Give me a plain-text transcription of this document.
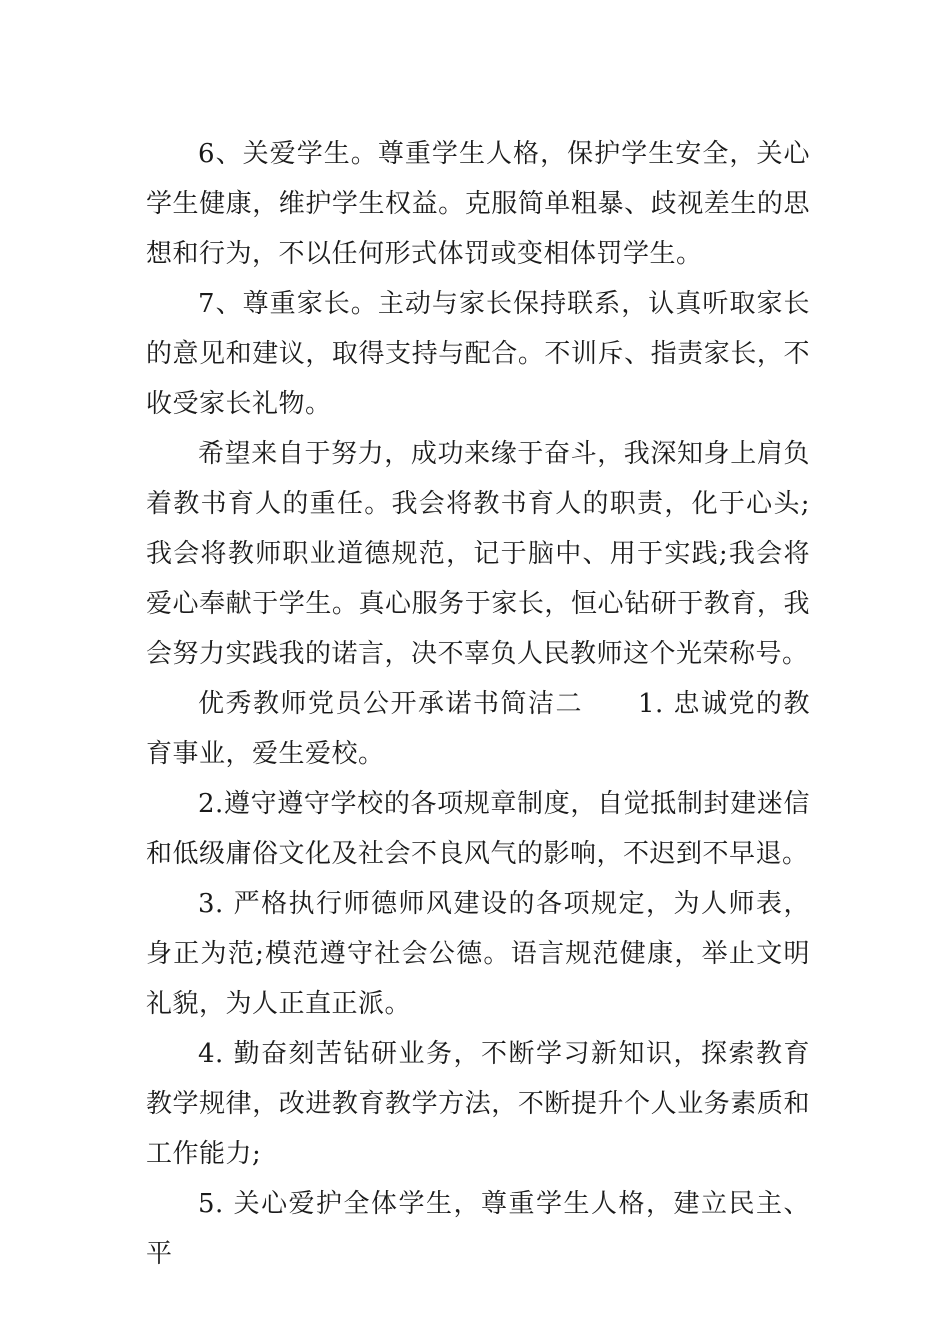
6、关爱学生。尊重学生人格，保护学生安全，关心学生健康，维护学生权益。克服简单粗暴、歧视差生的思想和行为，不以任何形式体罚或变相体罚学生。

7、尊重家长。主动与家长保持联系，认真听取家长的意见和建议，取得支持与配合。不训斥、指责家长，不收受家长礼物。

希望来自于努力，成功来缘于奋斗，我深知身上肩负着教书育人的重任。我会将教书育人的职责，化于心头;我会将教师职业道德规范，记于脑中、用于实践;我会将爱心奉献于学生。真心服务于家长，恒心钻研于教育，我会努力实践我的诺言，决不辜负人民教师这个光荣称号。

优秀教师党员公开承诺书简洁二　　1. 忠诚党的教育事业，爱生爱校。

2.遵守遵守学校的各项规章制度，自觉抵制封建迷信和低级庸俗文化及社会不良风气的影响，不迟到不早退。

3. 严格执行师德师风建设的各项规定，为人师表，身正为范;模范遵守社会公德。语言规范健康，举止文明礼貌，为人正直正派。

4. 勤奋刻苦钻研业务，不断学习新知识，探索教育教学规律，改进教育教学方法，不断提升个人业务素质和工作能力;

5. 关心爱护全体学生，尊重学生人格，建立民主、平
